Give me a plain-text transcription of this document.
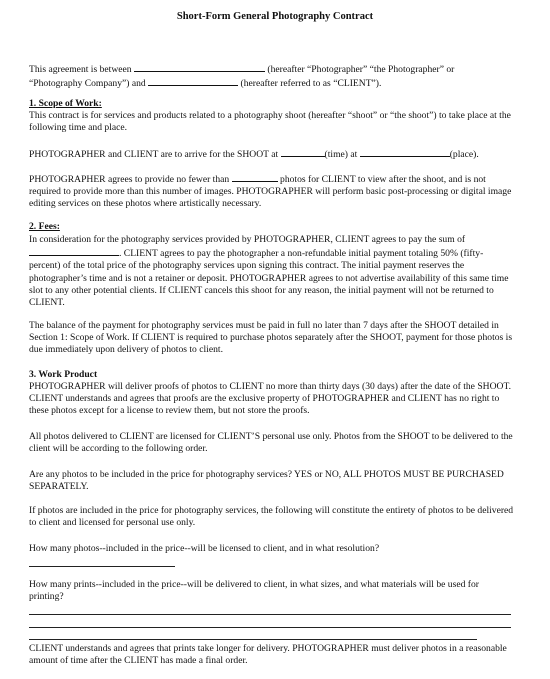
Short-Form General Photography Contract
This agreement is between	(hereafter “Photographer” “the Photographer” or
“Photography Company”) and	(hereafter referred to as “CLIENT”).
1. Scope of Work:
This contract is for services and products related to a photography shoot (hereafter “shoot” or “the shoot”) to take place at the following time and place.
PHOTOGRAPHER and CLIENT are to arrive for the SHOOT at	(time) at	(place).
PHOTOGRAPHER agrees to provide no fewer than	photos for CLIENT to view after the shoot, and is not required to provide more than this number of images. PHOTOGRAPHER will perform basic post-processing or digital image editing services on these photos where artistically necessary.
2. Fees:
In consideration for the photography services provided by PHOTOGRAPHER, CLIENT agrees to pay the sum of . CLIENT agrees to pay the photographer a non-refundable initial payment totaling 50% (fifty-percent) of the total price of the photography services upon signing this contract. The initial payment reserves the photographer’s time and is not a retainer or deposit. PHOTOGRAPHER agrees to not advertise availability of this same time slot to any other potential clients. If CLIENT cancels this shoot for any reason, the initial payment will not be returned to CLIENT.
The balance of the payment for photography services must be paid in full no later than 7 days after the SHOOT detailed in Section 1: Scope of Work. If CLIENT is required to purchase photos separately after the SHOOT, payment for those photos is due immediately upon delivery of photos to client.
3. Work Product
PHOTOGRAPHER will deliver proofs of photos to CLIENT no more than thirty days (30 days) after the date of the SHOOT. CLIENT understands and agrees that proofs are the exclusive property of PHOTOGRAPHER and CLIENT has no right to these photos except for a license to review them, but not store the proofs.
All photos delivered to CLIENT are licensed for CLIENT’S personal use only. Photos from the SHOOT to be delivered to the client will be according to the following order.
Are any photos to be included in the price for photography services? YES or NO, ALL PHOTOS MUST BE PURCHASED SEPARATELY.
If photos are included in the price for photography services, the following will constitute the entirety of photos to be delivered to client and licensed for personal use only.
How many photos--included in the price--will be licensed to client, and in what resolution?
How many prints--included in the price--will be delivered to client, in what sizes, and what materials will be used for printing?
CLIENT understands and agrees that prints take longer for delivery. PHOTOGRAPHER must deliver photos in a reasonable amount of time after the CLIENT has made a final order.
